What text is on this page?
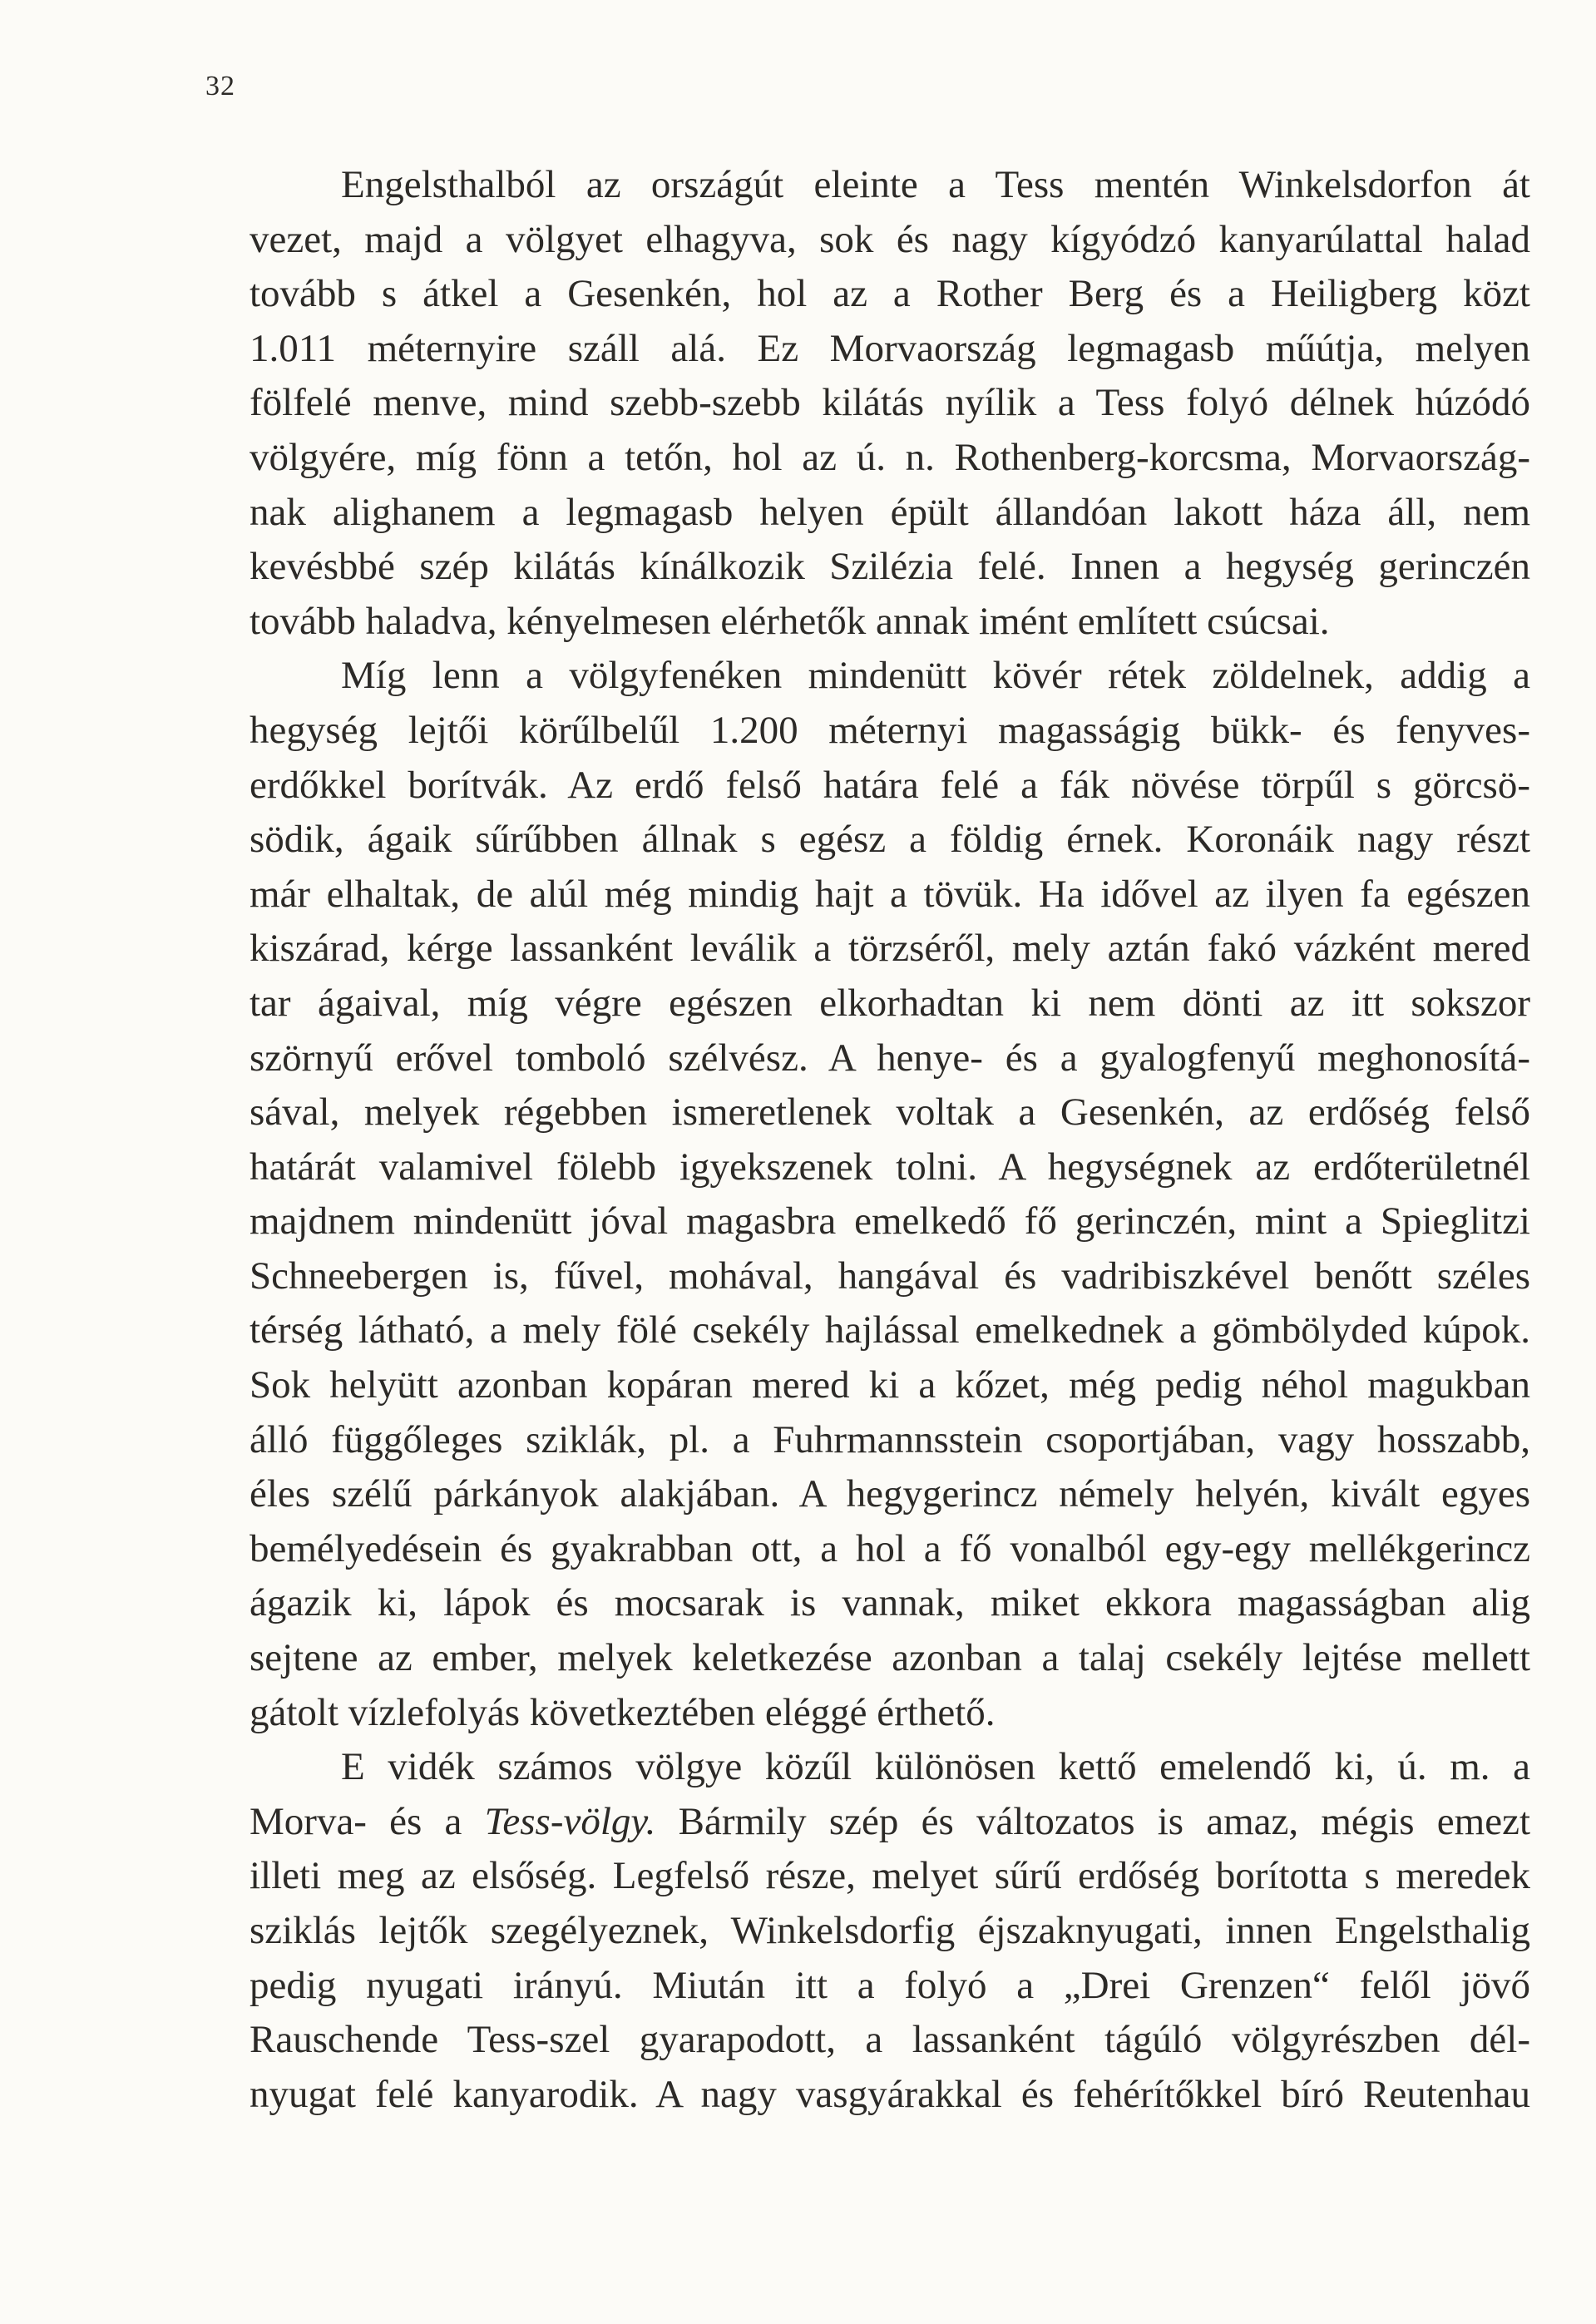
32
Engelsthalból az országút eleinte a Tess mentén Winkelsdorfon át
vezet, majd a völgyet elhagyva, sok és nagy kígyódzó kanyarúlattal halad
tovább s átkel a Gesenkén, hol az a Rother Berg és a Heiligberg közt
1.011 méternyire száll alá. Ez Morvaország legmagasb műútja, melyen
fölfelé menve, mind szebb-szebb kilátás nyílik a Tess folyó délnek húzódó
völgyére, míg fönn a tetőn, hol az ú. n. Rothenberg-korcsma, Morvaország-
nak alighanem a legmagasb helyen épült állandóan lakott háza áll, nem
kevésbbé szép kilátás kínálkozik Szilézia felé. Innen a hegység gerinczén
tovább haladva, kényelmesen elérhetők annak imént említett csúcsai.
Míg lenn a völgyfenéken mindenütt kövér rétek zöldelnek, addig a
hegység lejtői körűlbelűl 1.200 méternyi magasságig bükk- és fenyves-
erdőkkel borítvák. Az erdő felső határa felé a fák növése törpűl s görcsö-
södik, ágaik sűrűbben állnak s egész a földig érnek. Koronáik nagy részt
már elhaltak, de alúl még mindig hajt a tövük. Ha idővel az ilyen fa egészen
kiszárad, kérge lassanként leválik a törzséről, mely aztán fakó vázként mered
tar ágaival, míg végre egészen elkorhadtan ki nem dönti az itt sokszor
szörnyű erővel tomboló szélvész. A henye- és a gyalogfenyű meghonosítá-
sával, melyek régebben ismeretlenek voltak a Gesenkén, az erdőség felső
határát valamivel fölebb igyekszenek tolni. A hegységnek az erdőterületnél
majdnem mindenütt jóval magasbra emelkedő fő gerinczén, mint a Spieglitzi
Schneebergen is, fűvel, mohával, hangával és vadribiszkével benőtt széles
térség látható, a mely fölé csekély hajlással emelkednek a gömbölyded kúpok.
Sok helyütt azonban kopáran mered ki a kőzet, még pedig néhol magukban
álló függőleges sziklák, pl. a Fuhrmannsstein csoportjában, vagy hosszabb,
éles szélű párkányok alakjában. A hegygerincz némely helyén, kivált egyes
bemélyedésein és gyakrabban ott, a hol a fő vonalból egy-egy mellékgerincz
ágazik ki, lápok és mocsarak is vannak, miket ekkora magasságban alig
sejtene az ember, melyek keletkezése azonban a talaj csekély lejtése mellett
gátolt vízlefolyás következtében eléggé érthető.
E vidék számos völgye közűl különösen kettő emelendő ki, ú. m. a
Morva- és a Tess-völgy. Bármily szép és változatos is amaz, mégis emezt
illeti meg az elsőség. Legfelső része, melyet sűrű erdőség borította s meredek
sziklás lejtők szegélyeznek, Winkelsdorfig éjszaknyugati, innen Engelsthalig
pedig nyugati irányú. Miután itt a folyó a „Drei Grenzen“ felől jövő
Rauschende Tess-szel gyarapodott, a lassanként tágúló völgyrészben dél-
nyugat felé kanyarodik. A nagy vasgyárakkal és fehérítőkkel bíró Reutenhau
